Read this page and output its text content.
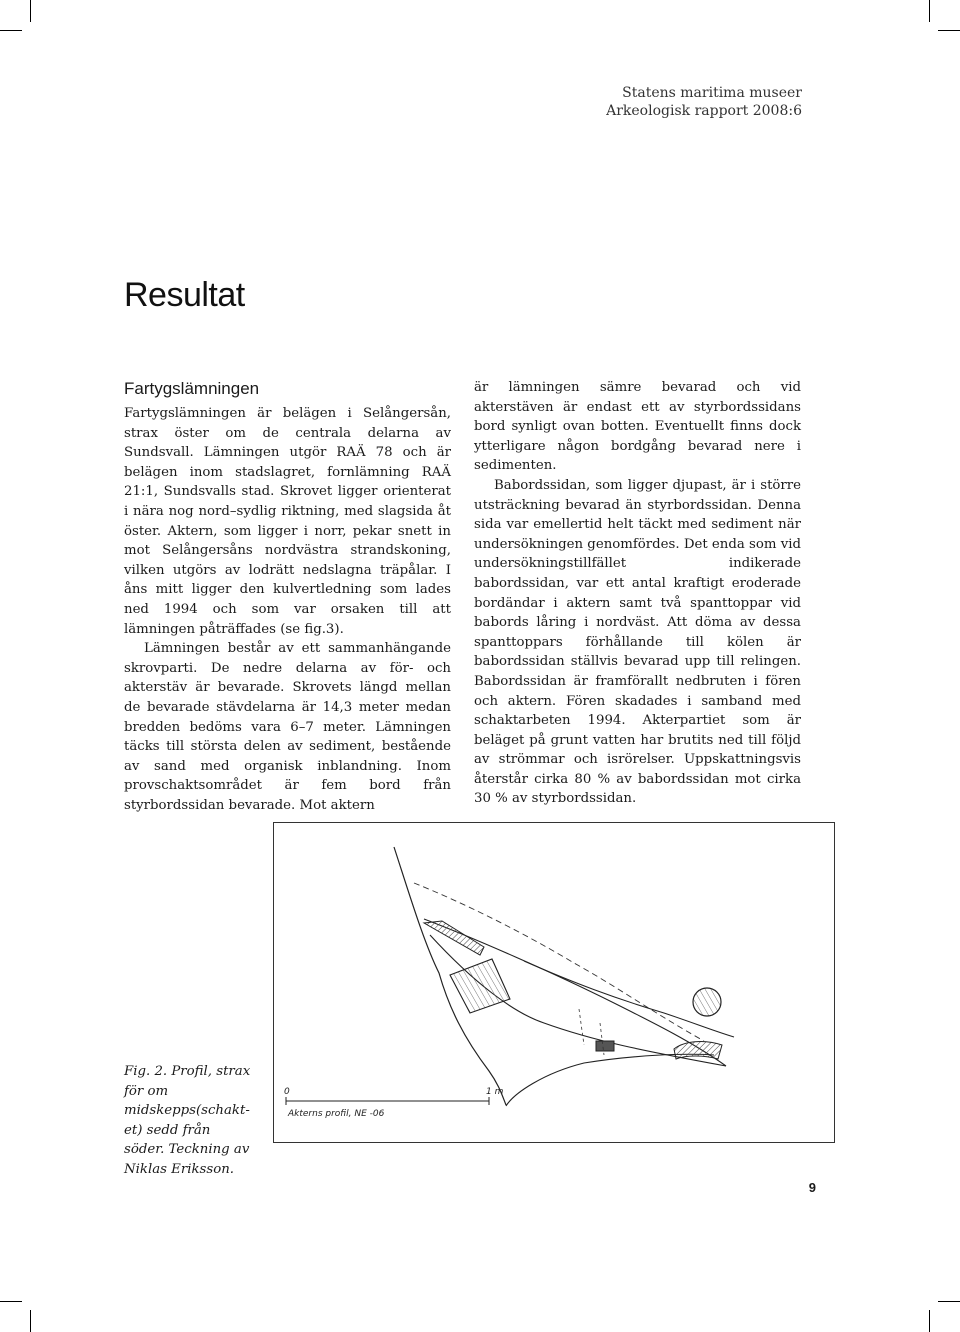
Statens maritima museer
Arkeologisk rapport 2008:6
Resultat
Fartygslämningen

Fartygslämningen är belägen i Selångersån, strax öster om de centrala delarna av Sundsvall. Lämningen utgör RAÄ 78 och är belägen inom stadslagret, fornlämning RAÄ 21:1, Sundsvalls stad. Skrovet ligger orienterat i nära nog nord–sydlig riktning, med slagsida åt öster. Aktern, som ligger i norr, pekar snett in mot Selångersåns nordvästra strandskoning, vilken utgörs av lodrätt nedslagna träpålar. I åns mitt ligger den kulvertledning som lades ned 1994 och som var orsaken till att lämningen påträffades (se fig.3).

Lämningen består av ett sammanhängande skrovparti. De nedre delarna av för- och akterstäv är bevarade. Skrovets längd mellan de bevarade stävdelarna är 14,3 meter medan bredden bedöms vara 6–7 meter. Lämningen täcks till största delen av sediment, bestående av sand med organisk inblandning. Inom provschaktsområdet är fem bord från styrbordssidan bevarade. Mot aktern

är lämningen sämre bevarad och vid akterstäven är endast ett av styrbordssidans bord synligt ovan botten. Eventuellt finns dock ytterligare någon bordgång bevarad nere i sedimenten.

Babordssidan, som ligger djupast, är i större utsträckning bevarad än styrbordssidan. Denna sida var emellertid helt täckt med sediment när undersökningen genomfördes. Det enda som vid undersökningstillfället indikerade babordssidan, var ett antal kraftigt eroderade bordändar i aktern samt två spanttoppar vid babords låring i nordväst. Att döma av dessa spanttoppars förhållande till kölen är babordssidan ställvis bevarad upp till relingen. Babordssidan är framförallt nedbruten i fören och aktern. Fören skadades i samband med schaktarbeten 1994. Akterpartiet som är beläget på grunt vatten har brutits ned till följd av strömmar och isrörelser. Uppskattningsvis återstår cirka 80 % av babordssidan mot cirka 30 % av styrbordssidan.

0	1 m
Akterns profil, NE -06
Fig. 2. Profil, strax för om midskepps(schakt-et) sedd från söder. Teckning av Niklas Eriksson.
9
